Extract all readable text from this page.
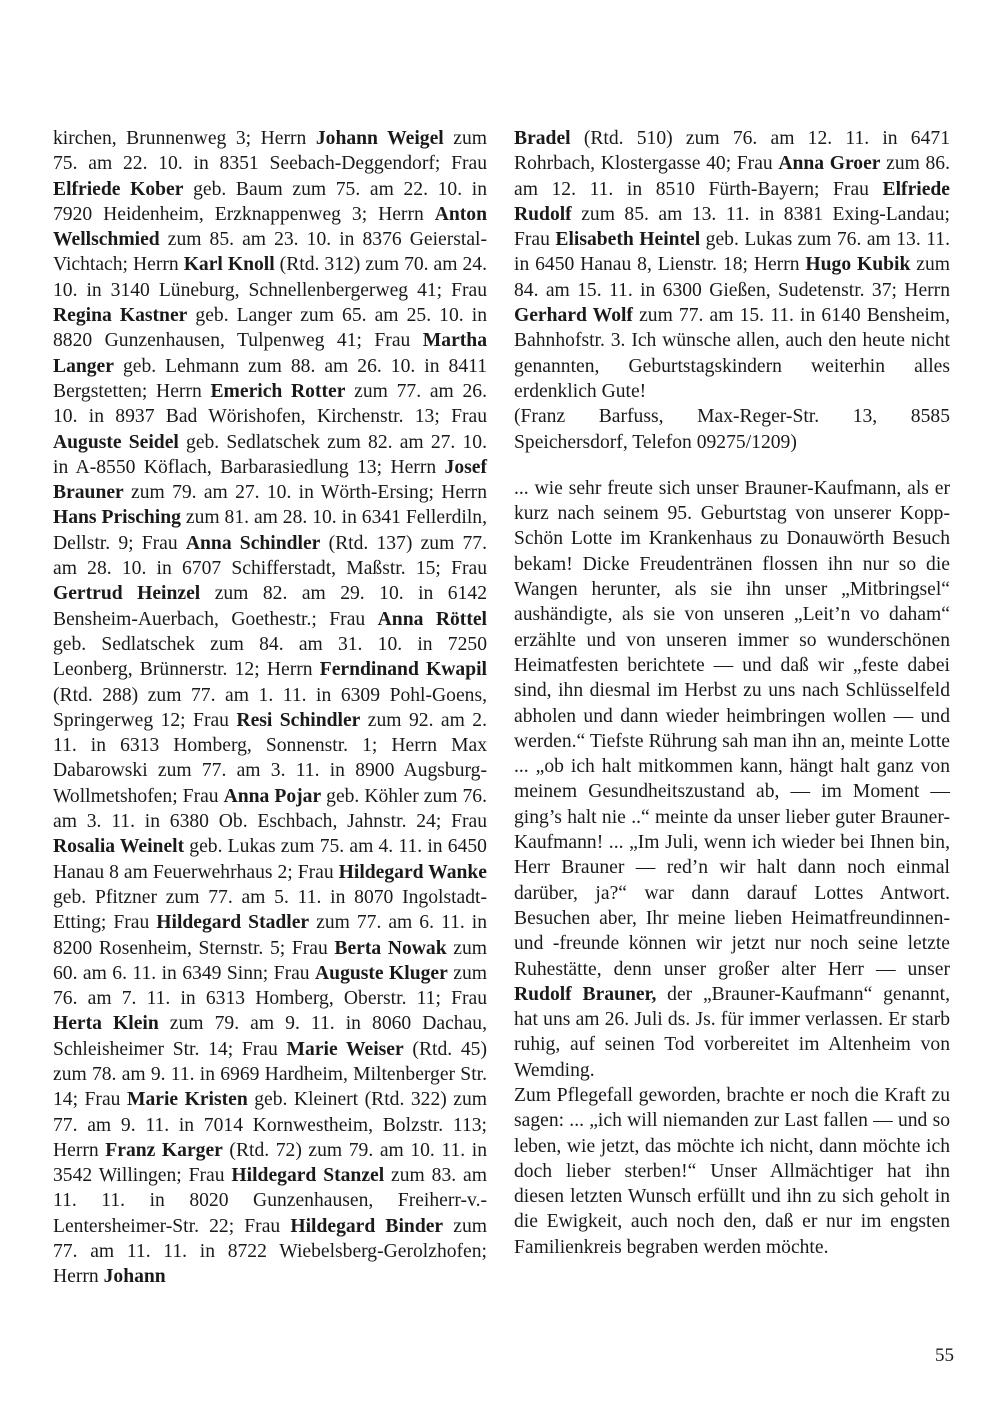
kirchen, Brunnenweg 3; Herrn Johann Weigel zum 75. am 22. 10. in 8351 Seebach-Deggendorf; Frau Elfriede Kober geb. Baum zum 75. am 22. 10. in 7920 Heidenheim, Erzknappenweg 3; Herrn Anton Wellschmied zum 85. am 23. 10. in 8376 Geierstal-Vichtach; Herrn Karl Knoll (Rtd. 312) zum 70. am 24. 10. in 3140 Lüneburg, Schnellenbergerweg 41; Frau Regina Kastner geb. Langer zum 65. am 25. 10. in 8820 Gunzenhausen, Tulpenweg 41; Frau Martha Langer geb. Lehmann zum 88. am 26. 10. in 8411 Bergstetten; Herrn Emerich Rotter zum 77. am 26. 10. in 8937 Bad Wörishofen, Kirchenstr. 13; Frau Auguste Seidel geb. Sedlatschek zum 82. am 27. 10. in A-8550 Köflach, Barbarasiedlung 13; Herrn Josef Brauner zum 79. am 27. 10. in Wörth-Ersing; Herrn Hans Prisching zum 81. am 28. 10. in 6341 Fellerdiln, Dellstr. 9; Frau Anna Schindler (Rtd. 137) zum 77. am 28. 10. in 6707 Schifferstadt, Maßstr. 15; Frau Gertrud Heinzel zum 82. am 29. 10. in 6142 Bensheim-Auerbach, Goethestr.; Frau Anna Röttel geb. Sedlatschek zum 84. am 31. 10. in 7250 Leonberg, Brünnerstr. 12; Herrn Ferndinand Kwapil (Rtd. 288) zum 77. am 1. 11. in 6309 Pohl-Goens, Springerweg 12; Frau Resi Schindler zum 92. am 2. 11. in 6313 Homberg, Sonnenstr. 1; Herrn Max Dabarowski zum 77. am 3. 11. in 8900 Augsburg-Wollmetshofen; Frau Anna Pojar geb. Köhler zum 76. am 3. 11. in 6380 Ob. Eschbach, Jahnstr. 24; Frau Rosalia Weinelt geb. Lukas zum 75. am 4. 11. in 6450 Hanau 8 am Feuerwehrhaus 2; Frau Hildegard Wanke geb. Pfitzner zum 77. am 5. 11. in 8070 Ingolstadt-Etting; Frau Hildegard Stadler zum 77. am 6. 11. in 8200 Rosenheim, Sternstr. 5; Frau Berta Nowak zum 60. am 6. 11. in 6349 Sinn; Frau Auguste Kluger zum 76. am 7. 11. in 6313 Homberg, Oberstr. 11; Frau Herta Klein zum 79. am 9. 11. in 8060 Dachau, Schleisheimer Str. 14; Frau Marie Weiser (Rtd. 45) zum 78. am 9. 11. in 6969 Hardheim, Miltenberger Str. 14; Frau Marie Kristen geb. Kleinert (Rtd. 322) zum 77. am 9. 11. in 7014 Kornwestheim, Bolzstr. 113; Herrn Franz Karger (Rtd. 72) zum 79. am 10. 11. in 3542 Willingen; Frau Hildegard Stanzel zum 83. am 11. 11. in 8020 Gunzenhausen, Freiherr-v.-Lentersheimer-Str. 22; Frau Hildegard Binder zum 77. am 11. 11. in 8722 Wiebelsberg-Gerolzhofen; Herrn Johann

Bradel (Rtd. 510) zum 76. am 12. 11. in 6471 Rohrbach, Klostergasse 40; Frau Anna Groer zum 86. am 12. 11. in 8510 Fürth-Bayern; Frau Elfriede Rudolf zum 85. am 13. 11. in 8381 Exing-Landau; Frau Elisabeth Heintel geb. Lukas zum 76. am 13. 11. in 6450 Hanau 8, Lienstr. 18; Herrn Hugo Kubik zum 84. am 15. 11. in 6300 Gießen, Sudetenstr. 37; Herrn Gerhard Wolf zum 77. am 15. 11. in 6140 Bensheim, Bahnhofstr. 3. Ich wünsche allen, auch den heute nicht genannten, Geburtstagskindern weiterhin alles erdenklich Gute!

(Franz Barfuss, Max-Reger-Str. 13, 8585 Speichersdorf, Telefon 09275/1209)

... wie sehr freute sich unser Brauner-Kaufmann, als er kurz nach seinem 95. Geburtstag von unserer Kopp-Schön Lotte im Krankenhaus zu Donauwörth Besuch bekam! Dicke Freudentränen flossen ihn nur so die Wangen herunter, als sie ihn unser „Mitbringsel“ aushändigte, als sie von unseren „Leit’n vo daham“ erzählte und von unseren immer so wunderschönen Heimatfesten berichtete — und daß wir „feste dabei sind, ihn diesmal im Herbst zu uns nach Schlüsselfeld abholen und dann wieder heimbringen wollen — und werden.“ Tiefste Rührung sah man ihn an, meinte Lotte ... „ob ich halt mitkommen kann, hängt halt ganz von meinem Gesundheitszustand ab, — im Moment — ging’s halt nie ..“ meinte da unser lieber guter Brauner-Kaufmann! ... „Im Juli, wenn ich wieder bei Ihnen bin, Herr Brauner — red’n wir halt dann noch einmal darüber, ja?“ war dann darauf Lottes Antwort. Besuchen aber, Ihr meine lieben Heimatfreundinnen- und -freunde können wir jetzt nur noch seine letzte Ruhestätte, denn unser großer alter Herr — unser Rudolf Brauner, der „Brauner-Kaufmann“ genannt, hat uns am 26. Juli ds. Js. für immer verlassen. Er starb ruhig, auf seinen Tod vorbereitet im Altenheim von Wemding.

Zum Pflegefall geworden, brachte er noch die Kraft zu sagen: ... „ich will niemanden zur Last fallen — und so leben, wie jetzt, das möchte ich nicht, dann möchte ich doch lieber sterben!“ Unser Allmächtiger hat ihn diesen letzten Wunsch erfüllt und ihn zu sich geholt in die Ewigkeit, auch noch den, daß er nur im engsten Familienkreis begraben werden möchte.

55
